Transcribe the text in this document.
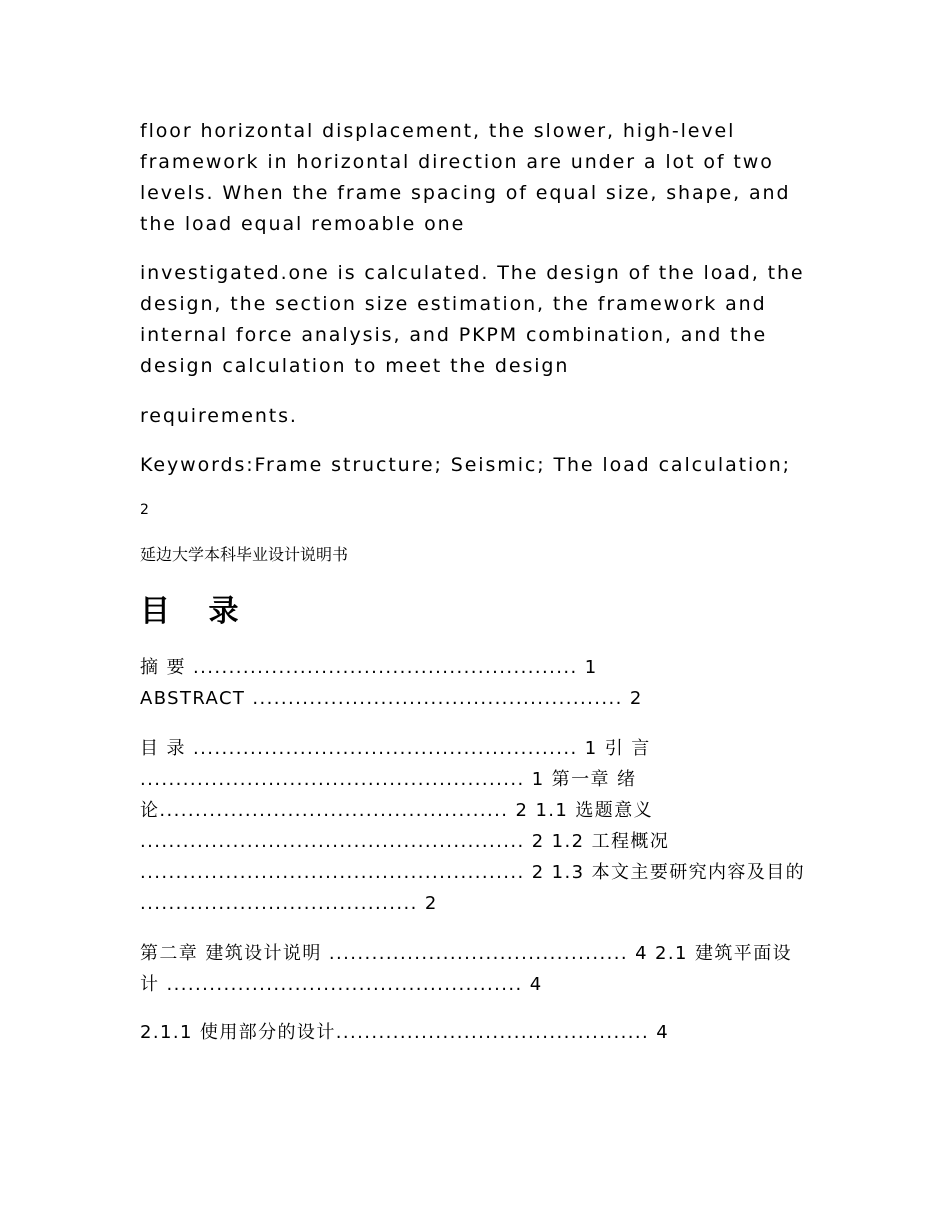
floor horizontal displacement, the slower, high-level framework in horizontal direction are under a lot of two levels. When the frame spacing of equal size, shape, and the load equal remoable one

investigated.one is calculated. The design of the load, the design, the section size estimation, the framework and internal force analysis, and PKPM combination, and the design calculation to meet the design

requirements.

Keywords:Frame structure; Seismic; The load calculation;

2

延边大学本科毕业设计说明书

目 录
摘 要 ...................................................... 1
ABSTRACT .................................................... 2
目 录 ...................................................... 1 引 言
...................................................... 1 第一章 绪
论................................................. 2 1.1 选题意义
...................................................... 2 1.2 工程概况
...................................................... 2 1.3 本文主要研究内容及目的
....................................... 2
第二章 建筑设计说明 .......................................... 4 2.1 建筑平面设
计 .................................................. 4
2.1.1 使用部分的设计............................................ 4
